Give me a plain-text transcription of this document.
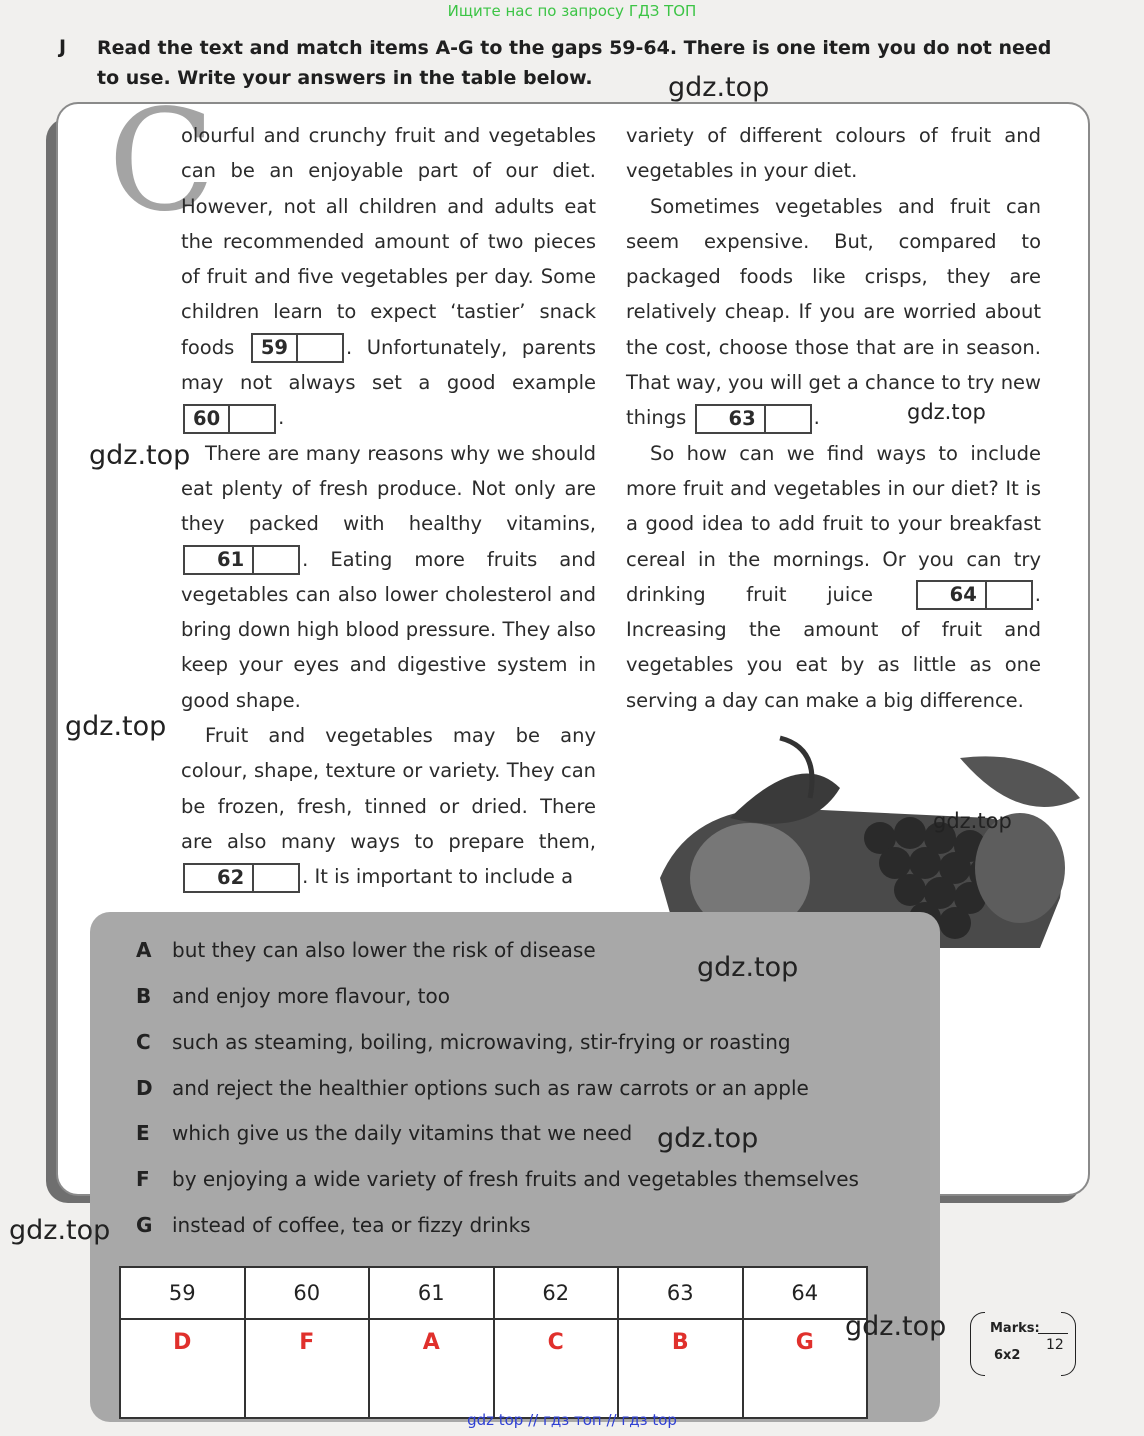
Ищите нас по запросу ГДЗ ТОП
J Read the text and match items A-G to the gaps 59-64. There is one item you do not need to use. Write your answers in the table below.
C

olourful and crunchy fruit and vegetables can be an enjoyable part of our diet. However, not all children and adults eat the recommended amount of two pieces of fruit and five vegetables per day. Some children learn to expect ‘tastier’ snack foods 59	. Unfortunately, parents may not always set a good example
60	.

There are many reasons why we should eat plenty of fresh produce. Not only are they packed with healthy vitamins,
61	. Eating more fruits and vegetables can also lower cholesterol and bring down high blood pressure. They also keep your eyes and digestive system in good shape.

Fruit and vegetables may be any colour, shape, texture or variety. They can be frozen, fresh, tinned or dried. There are also many ways to prepare them,
62	. It is important to include a

variety of different colours of fruit and vegetables in your diet.

Sometimes vegetables and fruit can seem expensive. But, compared to packaged foods like crisps, they are relatively cheap. If you are worried about the cost, choose those that are in season. That way, you will get a chance to try new things	63	.

So how can we find ways to include more fruit and vegetables in our diet? It is a good idea to add fruit to your breakfast cereal in the mornings. Or you can try drinking fruit juice	64	. Increasing the amount of fruit and vegetables you eat by as little as one serving a day can make a big difference.

A but they can also lower the risk of disease
B and enjoy more flavour, too
C such as steaming, boiling, microwaving, stir-frying or roasting
D and reject the healthier options such as raw carrots or an apple
E which give us the daily vitamins that we need
F by enjoying a wide variety of fresh fruits and vegetables themselves
G instead of coffee, tea or fizzy drinks
59	60	61	62	63	64
D	F	A	C	B	G
Marks:
6x2
12
gdz.top
gdz.top
gdz.top
gdz.top
gdz.top
gdz.top
gdz.top
gdz.top
gdz.top
gdz top // гдз топ // гдз top
